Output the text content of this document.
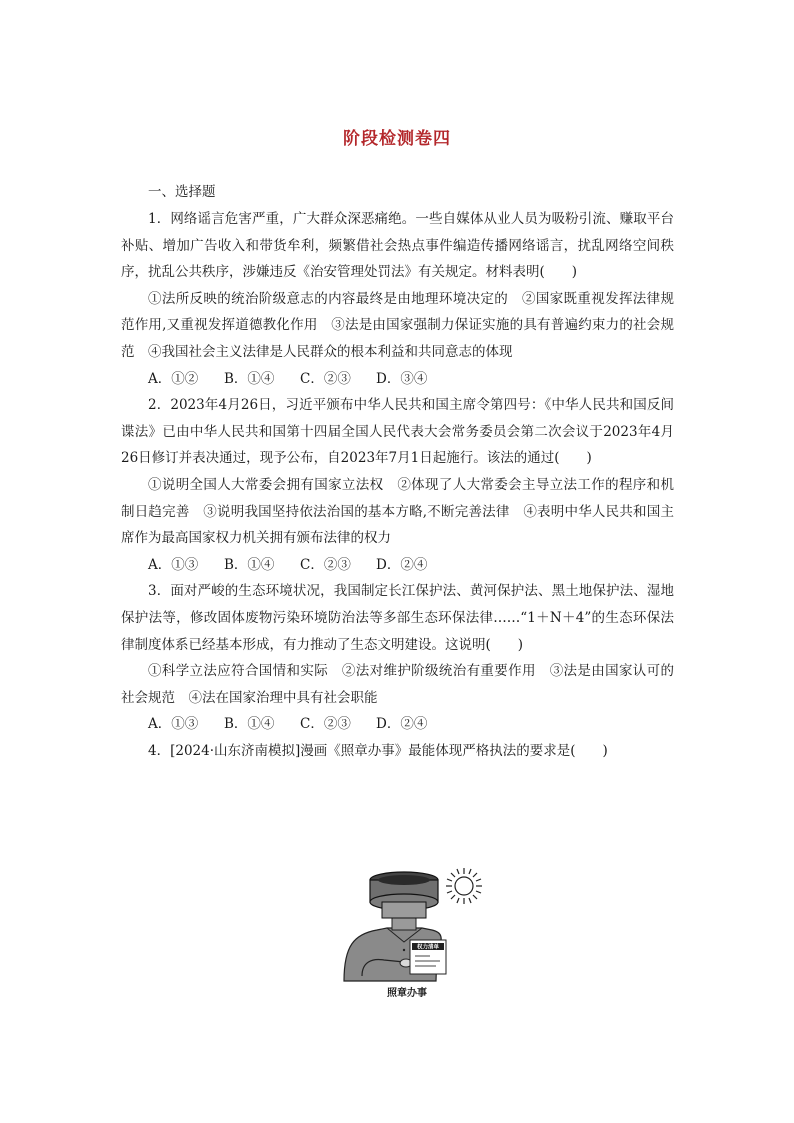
阶段检测卷四
一、选择题

1．网络谣言危害严重，广大群众深恶痛绝。一些自媒体从业人员为吸粉引流、赚取平台补贴、增加广告收入和带货牟利，频繁借社会热点事件编造传播网络谣言，扰乱网络空间秩序，扰乱公共秩序，涉嫌违反《治安管理处罚法》有关规定。材料表明(　　)

①法所反映的统治阶级意志的内容最终是由地理环境决定的　②国家既重视发挥法律规范作用,又重视发挥道德教化作用　③法是由国家强制力保证实施的具有普遍约束力的社会规范　④我国社会主义法律是人民群众的根本利益和共同意志的体现

A．①②	B．①④	C．②③	D．③④

2．2023年4月26日，习近平颁布中华人民共和国主席令第四号：《中华人民共和国反间谍法》已由中华人民共和国第十四届全国人民代表大会常务委员会第二次会议于2023年4月26日修订并表决通过，现予公布，自2023年7月1日起施行。该法的通过(　　)

①说明全国人大常委会拥有国家立法权　②体现了人大常委会主导立法工作的程序和机制日趋完善　③说明我国坚持依法治国的基本方略,不断完善法律　④表明中华人民共和国主席作为最高国家权力机关拥有颁布法律的权力

A．①③	B．①④	C．②③	D．②④

3．面对严峻的生态环境状况，我国制定长江保护法、黄河保护法、黑土地保护法、湿地保护法等，修改固体废物污染环境防治法等多部生态环保法律……“1＋N＋4”的生态环保法律制度体系已经基本形成，有力推动了生态文明建设。这说明(　　)

①科学立法应符合国情和实际　②法对维护阶级统治有重要作用　③法是由国家认可的社会规范　④法在国家治理中具有社会职能

A．①③	B．①④	C．②③	D．②④

4．[2024·山东济南模拟]漫画《照章办事》最能体现严格执法的要求是(　　)

权力清单
照章办事
